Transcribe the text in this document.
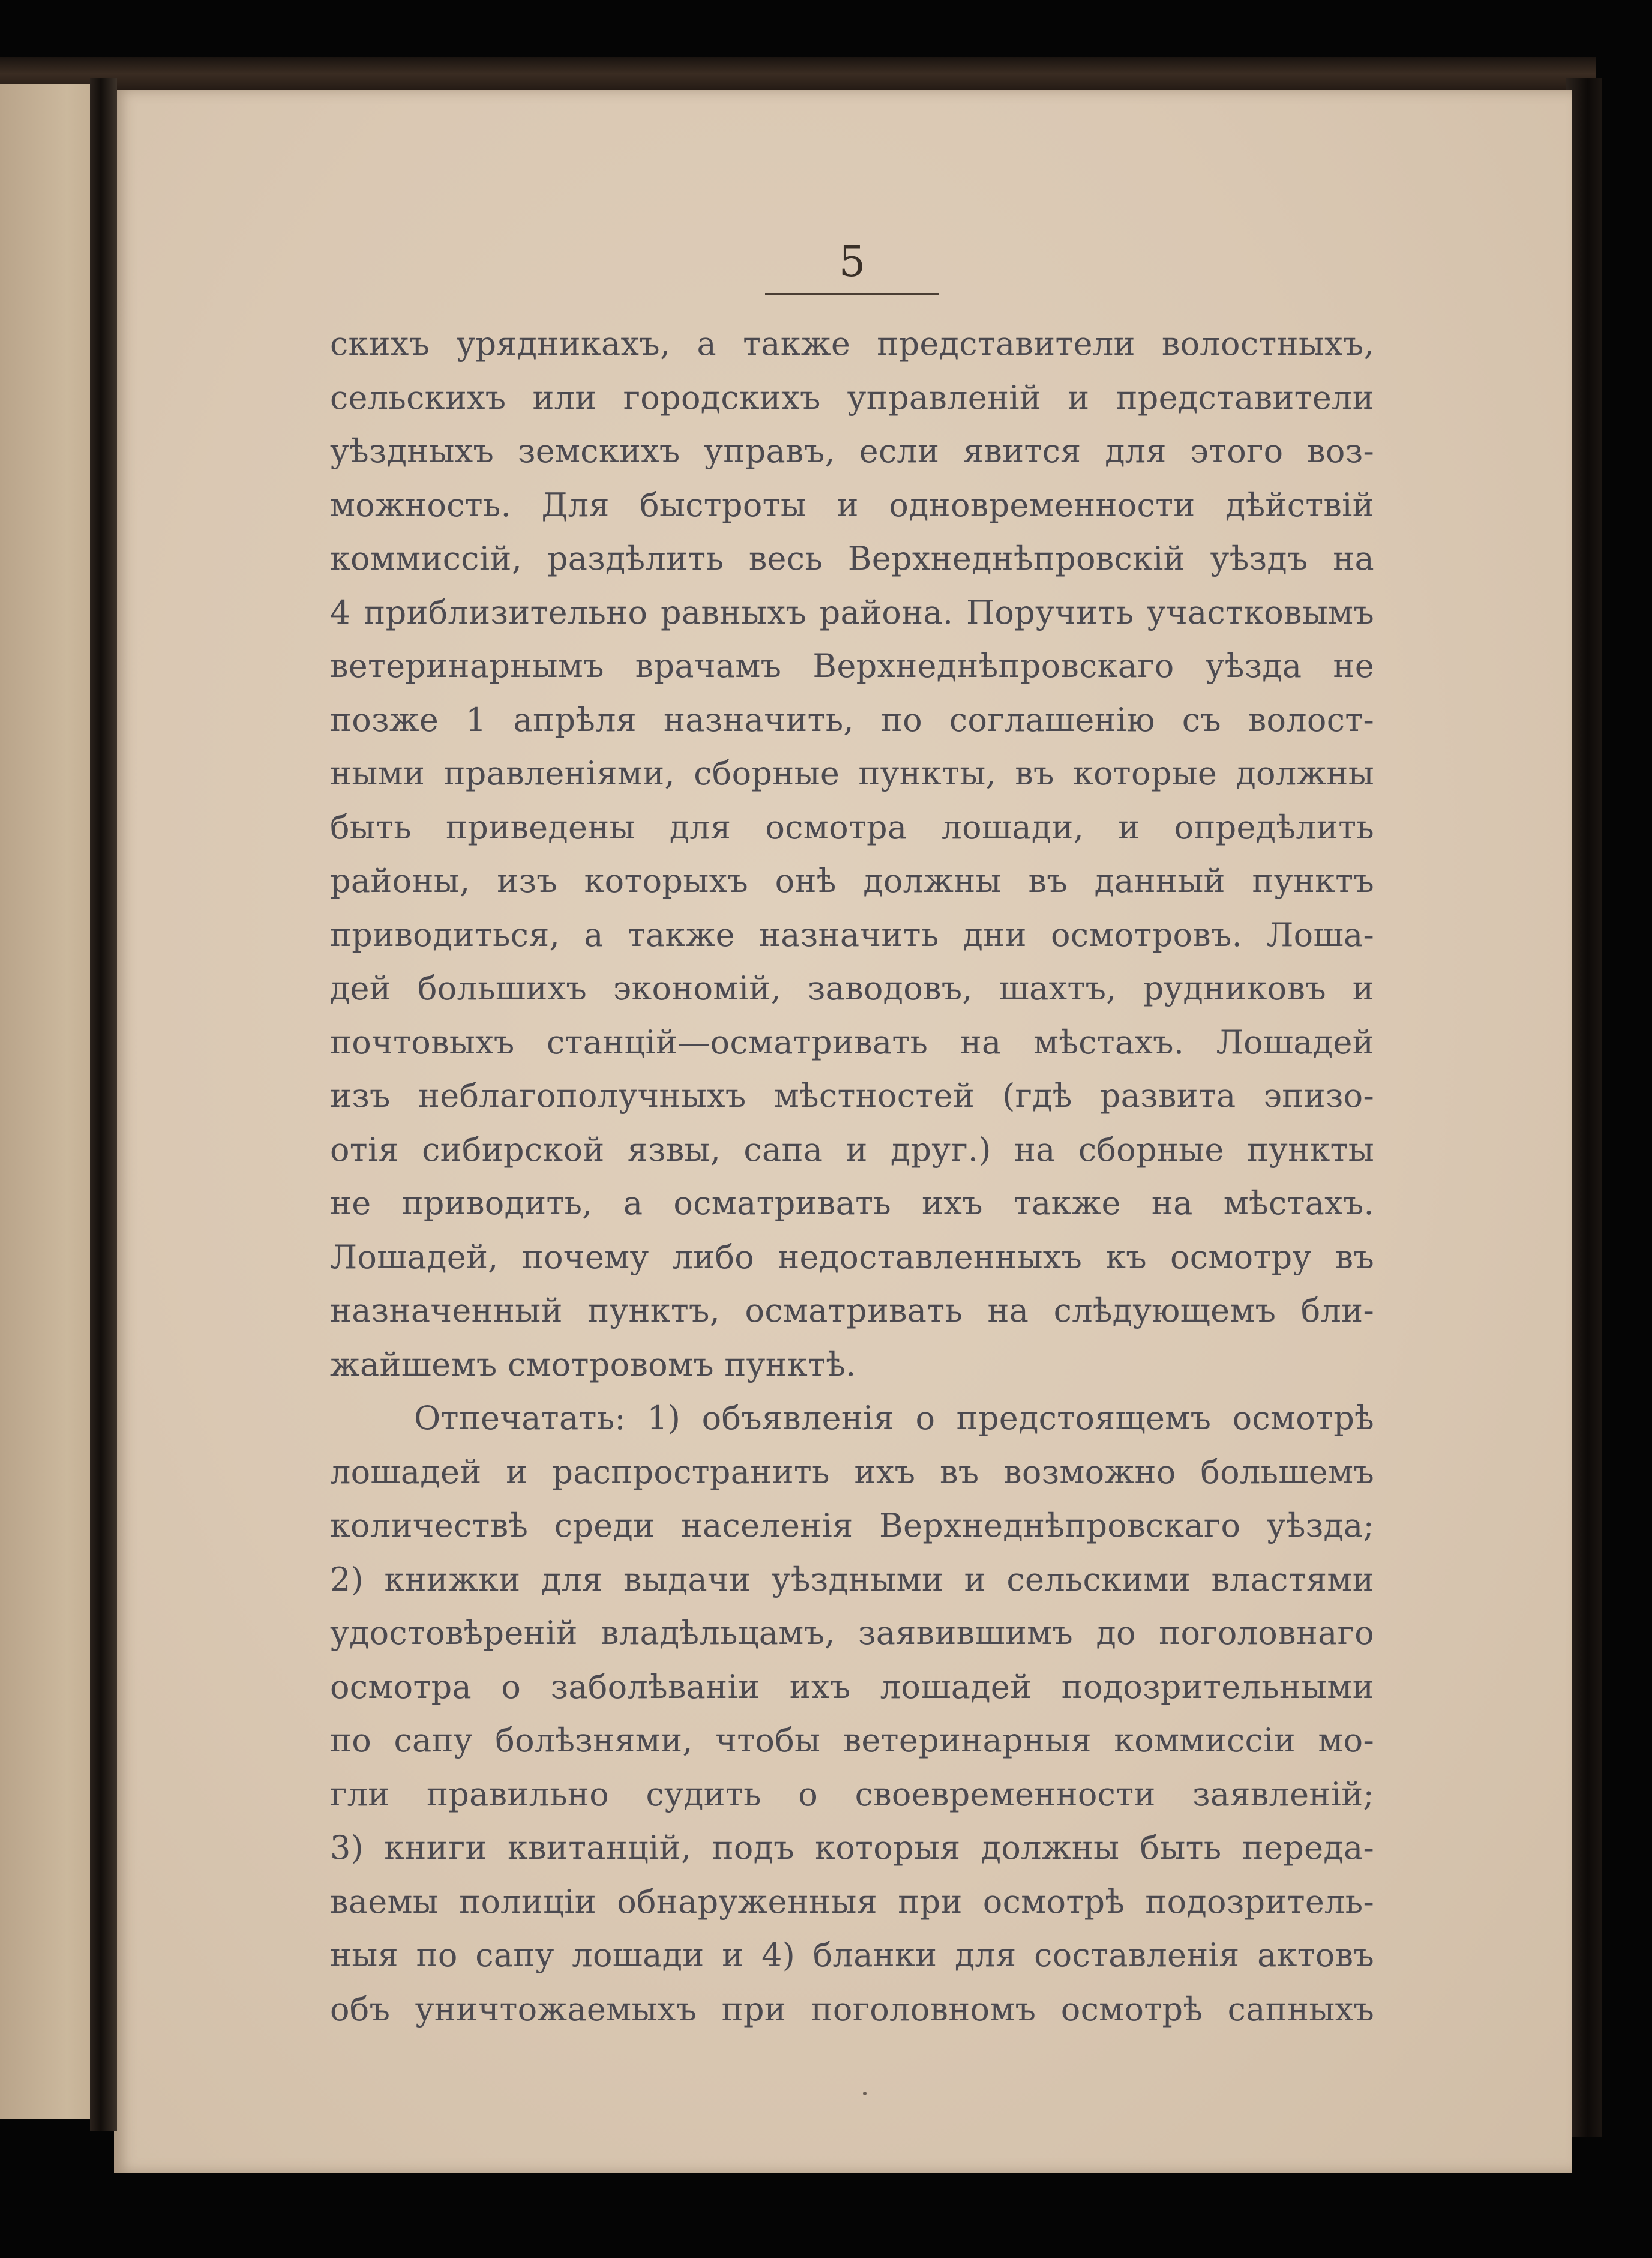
5
скихъ урядникахъ, а также представители волостныхъ,
сельскихъ или городскихъ управленій и представители
уѣздныхъ земскихъ управъ, если явится для этого воз-
можность. Для быстроты и одновременности дѣйствій
коммиссій, раздѣлить весь Верхнеднѣпровскій уѣздъ на
4 приблизительно равныхъ района. Поручить участковымъ
ветеринарнымъ врачамъ Верхнеднѣпровскаго уѣзда не
позже 1 апрѣля назначить, по соглашенію съ волост-
ными правленіями, сборные пункты, въ которые должны
быть приведены для осмотра лошади, и опредѣлить
районы, изъ которыхъ онѣ должны въ данный пунктъ
приводиться, а также назначить дни осмотровъ. Лоша-
дей большихъ экономій, заводовъ, шахтъ, рудниковъ и
почтовыхъ станцій—осматривать на мѣстахъ. Лошадей
изъ неблагополучныхъ мѣстностей (гдѣ развита эпизо-
отія сибирской язвы, сапа и друг.) на сборные пункты
не приводить, а осматривать ихъ также на мѣстахъ.
Лошадей, почему либо недоставленныхъ къ осмотру въ
назначенный пунктъ, осматривать на слѣдующемъ бли-
жайшемъ смотровомъ пунктѣ.
Отпечатать: 1) объявленія о предстоящемъ осмотрѣ
лошадей и распространить ихъ въ возможно большемъ
количествѣ среди населенія Верхнеднѣпровскаго уѣзда;
2) книжки для выдачи уѣздными и сельскими властями
удостовѣреній владѣльцамъ, заявившимъ до поголовнаго
осмотра о заболѣваніи ихъ лошадей подозрительными
по сапу болѣзнями, чтобы ветеринарныя коммиссіи мо-
гли правильно судить о своевременности заявленій;
3) книги квитанцій, подъ которыя должны быть переда-
ваемы полиціи обнаруженныя при осмотрѣ подозритель-
ныя по сапу лошади и 4) бланки для составленія актовъ
объ уничтожаемыхъ при поголовномъ осмотрѣ сапныхъ
